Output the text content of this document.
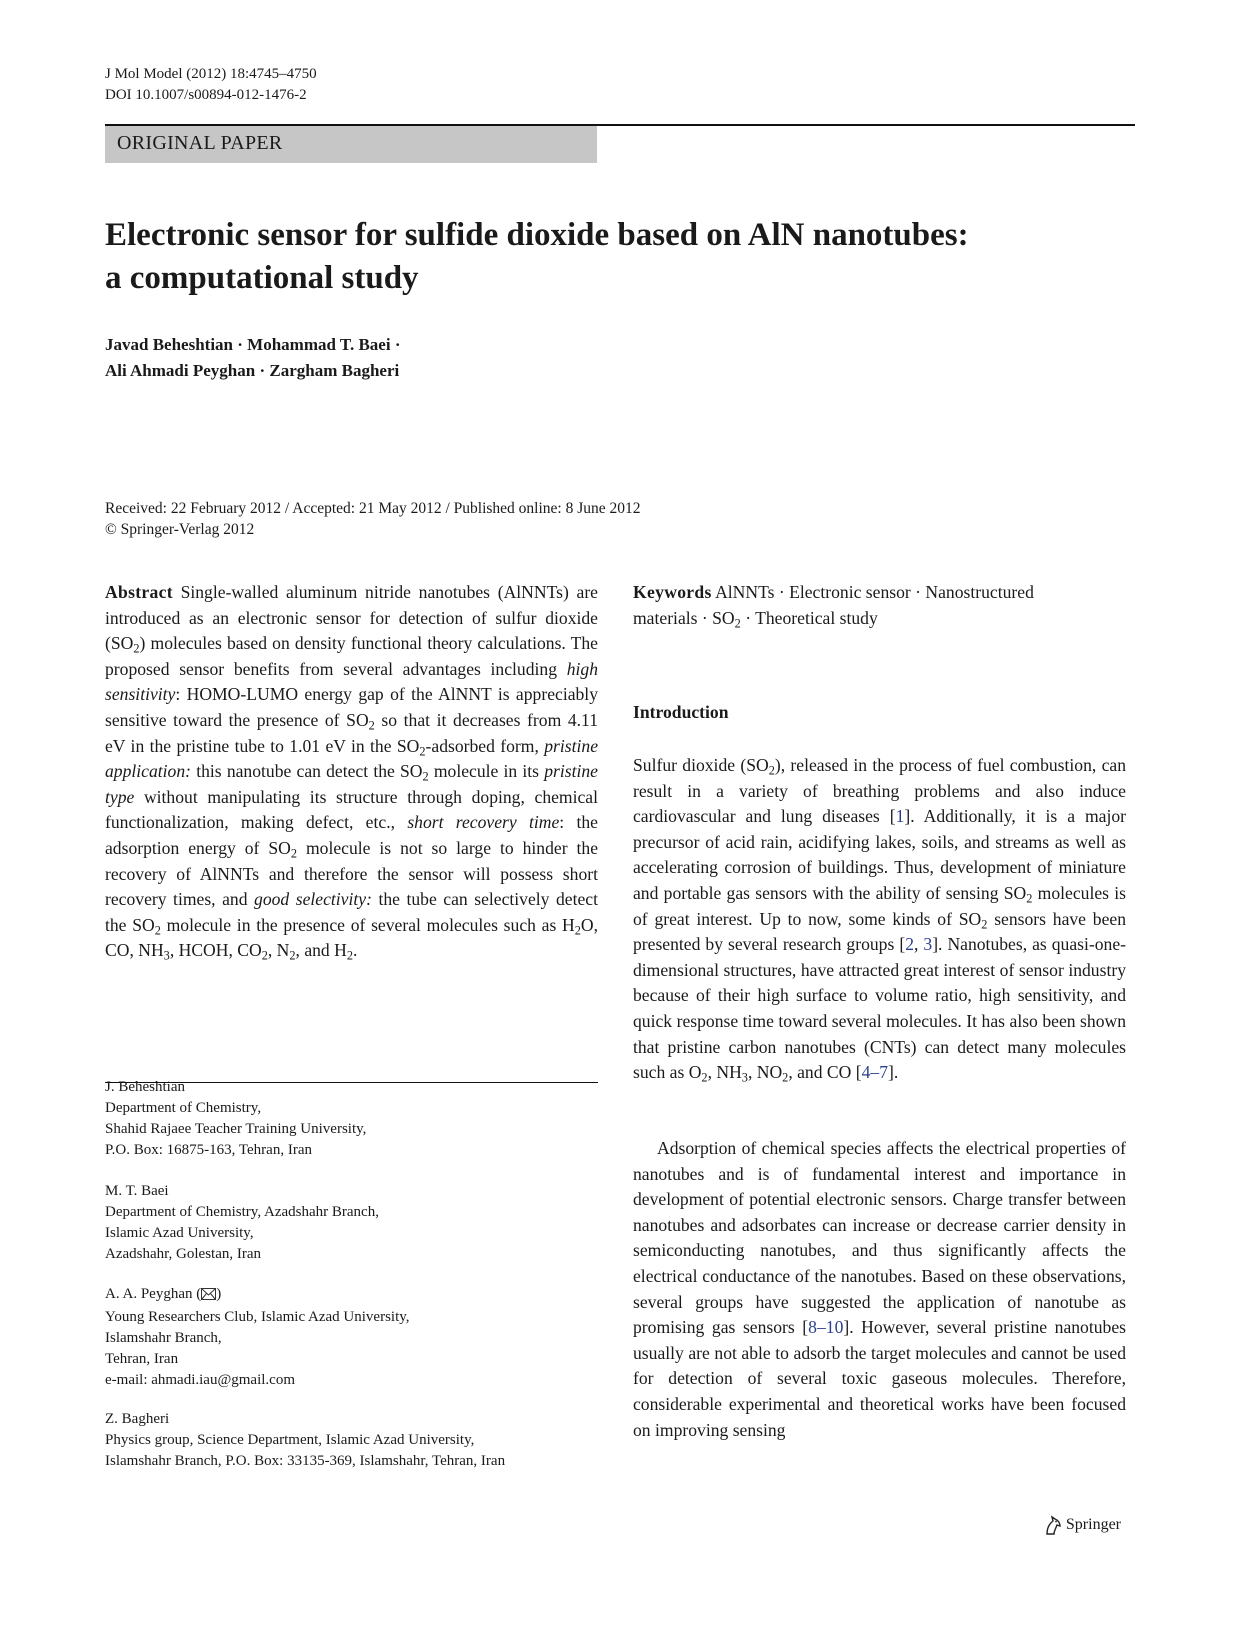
J Mol Model (2012) 18:4745–4750
DOI 10.1007/s00894-012-1476-2
ORIGINAL PAPER
Electronic sensor for sulfide dioxide based on AlN nanotubes:
a computational study
Javad Beheshtian · Mohammad T. Baei ·
Ali Ahmadi Peyghan · Zargham Bagheri
Received: 22 February 2012 / Accepted: 21 May 2012 / Published online: 8 June 2012
© Springer-Verlag 2012
Abstract Single-walled aluminum nitride nanotubes (AlNNTs) are introduced as an electronic sensor for detection of sulfur dioxide $(SO_2)$ molecules based on density functional theory calculations. The proposed sensor benefits from several advantages including high sensitivity: HOMO-LUMO energy gap of the AlNNT is appreciably sensitive toward the presence of $SO_2$ so that it decreases from 4.11 eV in the pristine tube to 1.01 eV in the $SO_2$-adsorbed form, pristine application: this nanotube can detect the $SO_2$ molecule in its pristine type without manipulating its structure through doping, chemical functionalization, making defect, etc., short recovery time: the adsorption energy of $SO_2$ molecule is not so large to hinder the recovery of AlNNTs and therefore the sensor will possess short recovery times, and good selectivity: the tube can selectively detect the $SO_2$ molecule in the presence of several molecules such as $H_2O$, CO, $NH_3$, HCOH, $CO_2$, $N_2$, and $H_2$.
J. Beheshtian
Department of Chemistry,
Shahid Rajaee Teacher Training University,
P.O. Box: 16875-163, Tehran, Iran
M. T. Baei
Department of Chemistry, Azadshahr Branch,
Islamic Azad University,
Azadshahr, Golestan, Iran
A. A. Peyghan ( )
Young Researchers Club, Islamic Azad University,
Islamshahr Branch,
Tehran, Iran
e-mail: ahmadi.iau@gmail.com
Z. Bagheri
Physics group, Science Department, Islamic Azad University,
Islamshahr Branch, P.O. Box: 33135-369, Islamshahr, Tehran, Iran
Keywords AlNNTs · Electronic sensor · Nanostructured
materials · $SO_2$ · Theoretical study
Introduction
Sulfur dioxide $(SO_2)$, released in the process of fuel combustion, can result in a variety of breathing problems and also induce cardiovascular and lung diseases [1]. Additionally, it is a major precursor of acid rain, acidifying lakes, soils, and streams as well as accelerating corrosion of buildings. Thus, development of miniature and portable gas sensors with the ability of sensing $SO_2$ molecules is of great interest. Up to now, some kinds of $SO_2$ sensors have been presented by several research groups [2, 3]. Nanotubes, as quasi-one-dimensional structures, have attracted great interest of sensor industry because of their high surface to volume ratio, high sensitivity, and quick response time toward several molecules. It has also been shown that pristine carbon nanotubes (CNTs) can detect many molecules such as $O_2$, $NH_3$, $NO_2$, and CO [4–7].
Adsorption of chemical species affects the electrical properties of nanotubes and is of fundamental interest and importance in development of potential electronic sensors. Charge transfer between nanotubes and adsorbates can increase or decrease carrier density in semiconducting nanotubes, and thus significantly affects the electrical conductance of the nanotubes. Based on these observations, several groups have suggested the application of nanotube as promising gas sensors [8–10]. However, several pristine nanotubes usually are not able to adsorb the target molecules and cannot be used for detection of several toxic gaseous molecules. Therefore, considerable experimental and theoretical works have been focused on improving sensing
Springer
